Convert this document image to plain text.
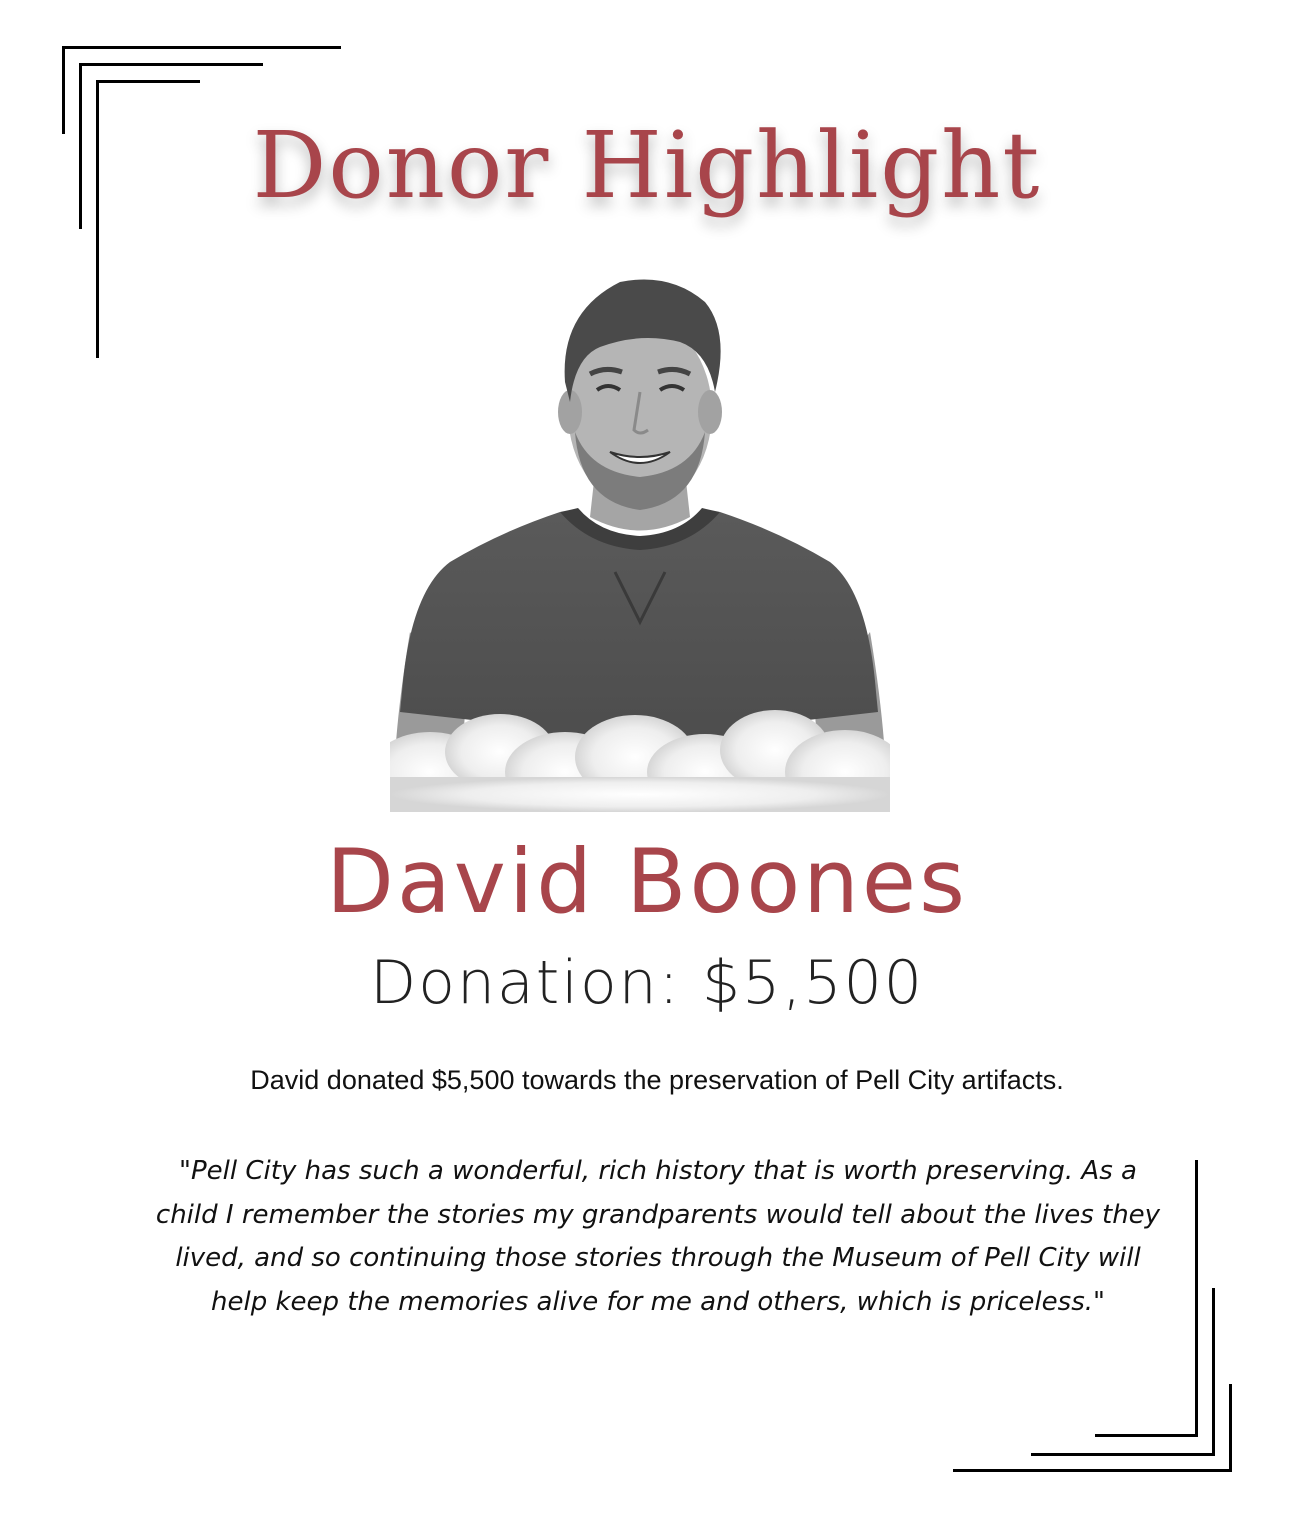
Donor Highlight
David Boones
Donation: $5,500
David donated $5,500 towards the preservation of Pell City artifacts.
"Pell City has such a wonderful, rich history that is worth preserving. As a child I remember the stories my grandparents would tell about the lives they lived, and so continuing those stories through the Museum of Pell City will help keep the memories alive for me and others, which is priceless."
